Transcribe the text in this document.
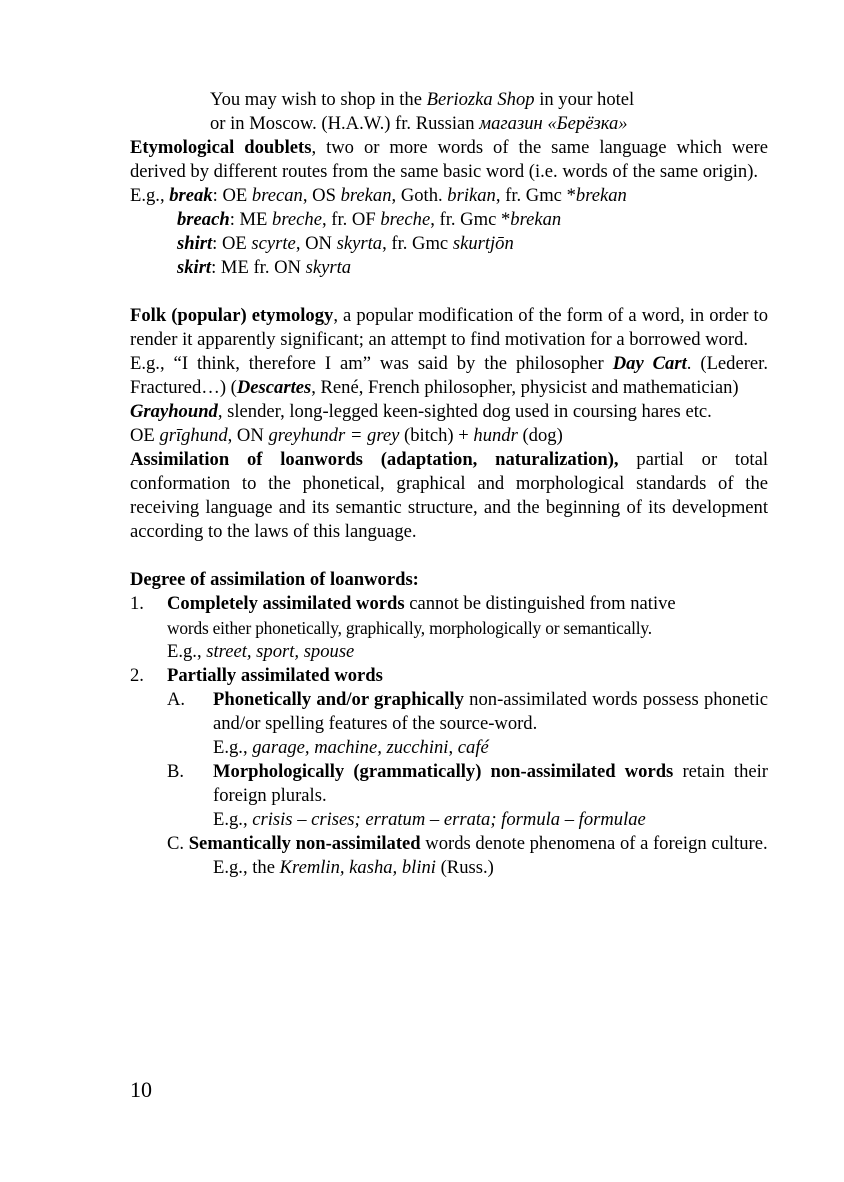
You may wish to shop in the Beriozka Shop in your hotel
or in Moscow. (H.A.W.) fr. Russian магазин «Берёзка»
Etymological doublets, two or more words of the same language which were derived by different routes from the same basic word (i.e. words of the same origin).
E.g., break: OE brecan, OS brekan, Goth. brikan, fr. Gmc *brekan
breach: ME breche, fr. OF breche, fr. Gmc *brekan
shirt: OE scyrte, ON skyrta, fr. Gmc skurtjōn
skirt: ME fr. ON skyrta
Folk (popular) etymology, a popular modification of the form of a word, in order to render it apparently significant; an attempt to find motivation for a borrowed word.
E.g., “I think, therefore I am” was said by the philosopher Day Cart. (Lederer. Fractured…) (Descartes, René, French philosopher, physicist and mathematician)
Grayhound, slender, long-legged keen-sighted dog used in coursing hares etc.
OE grīghund, ON greyhundr = grey (bitch) + hundr (dog)
Assimilation of loanwords (adaptation, naturalization), partial or total conformation to the phonetical, graphical and morphological standards of the receiving language and its semantic structure, and the beginning of its development according to the laws of this language.
Degree of assimilation of loanwords:
1.	Completely assimilated words cannot be distinguished from native
words either phonetically, graphically, morphologically or semantically.
E.g., street, sport, spouse
2.	Partially assimilated words
A.	Phonetically and/or graphically non-assimilated words possess phonetic and/or spelling features of the source-word.
E.g., garage, machine, zucchini, café
B.	Morphologically (grammatically) non-assimilated words retain their foreign plurals.
E.g., crisis – crises; erratum – errata; formula – formulae
C. Semantically non-assimilated words denote phenomena of a foreign culture.
E.g., the Kremlin, kasha, blini (Russ.)
10
